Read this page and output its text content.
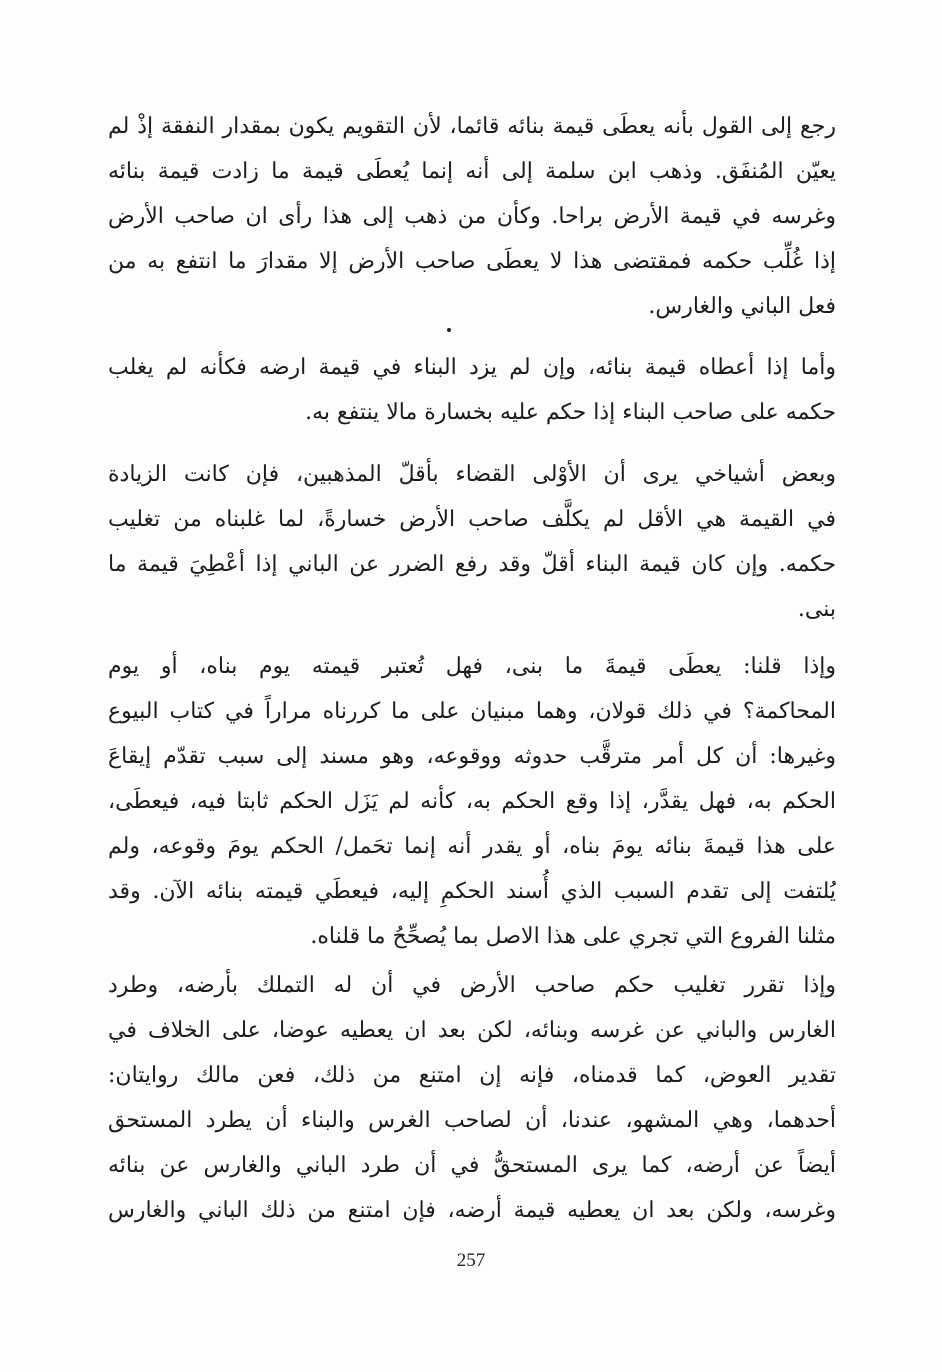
رجع إلى القول بأنه يعطَى قيمة بنائه قائما، لأن التقويم يكون بمقدار النفقة إذْ لم
يعيّن المُنفَق. وذهب ابن سلمة إلى أنه إنما يُعطَى قيمة ما زادت قيمة بنائه
وغرسه في قيمة الأرض براحا. وكأن من ذهب إلى هذا رأى ان صاحب الأرض
إذا غُلِّب حكمه فمقتضى هذا لا يعطَى صاحب الأرض إلا مقدارَ ما انتفع به من
فعل الباني والغارس.

وأما إذا أعطاه قيمة بنائه، وإن لم يزد البناء في قيمة ارضه فكأنه لم يغلب
حكمه على صاحب البناء إذا حكم عليه بخسارة مالا ينتفع به.

وبعض أشياخي يرى أن الأوْلى القضاء بأقلّ المذهبين، فإن كانت الزيادة
في القيمة هي الأقل لم يكلَّف صاحب الأرض خسارةً، لما غلبناه من تغليب
حكمه. وإن كان قيمة البناء أقلّ وقد رفع الضرر عن الباني إذا أعْطِيَ قيمة ما
بنى.

وإذا قلنا: يعطَى قيمةَ ما بنى، فهل تُعتبر قيمته يوم بناه، أو يوم
المحاكمة؟ في ذلك قولان، وهما مبنيان على ما كررناه مراراً في كتاب البيوع
وغيرها: أن كل أمر مترقَّب حدوثه ووقوعه، وهو مسند إلى سبب تقدّم إيقاعَ
الحكم به، فهل يقدَّر، إذا وقع الحكم به، كأنه لم يَزَل الحكم ثابتا فيه، فيعطَى،
على هذا قيمةَ بنائه يومَ بناه، أو يقدر أنه إنما تحَمل/ الحكم يومَ وقوعه، ولم
يُلتفت إلى تقدم السبب الذي أُسند الحكمِ إليه، فيعطَي قيمته بنائه الآن. وقد
مثلنا الفروع التي تجري على هذا الاصل بما يُصحِّحُ ما قلناه.

وإذا تقرر تغليب حكم صاحب الأرض في أن له التملك بأرضه، وطرد
الغارس والباني عن غرسه وبنائه، لكن بعد ان يعطيه عوضا، على الخلاف في
تقدير العوض، كما قدمناه، فإنه إن امتنع من ذلك، فعن مالك روايتان:
أحدهما، وهي المشهو، عندنا، أن لصاحب الغرس والبناء أن يطرد المستحق
أيضاً عن أرضه، كما يرى المستحقُّ في أن طرد الباني والغارس عن بنائه
وغرسه، ولكن بعد ان يعطيه قيمة أرضه، فإن امتنع من ذلك الباني والغارس

257
